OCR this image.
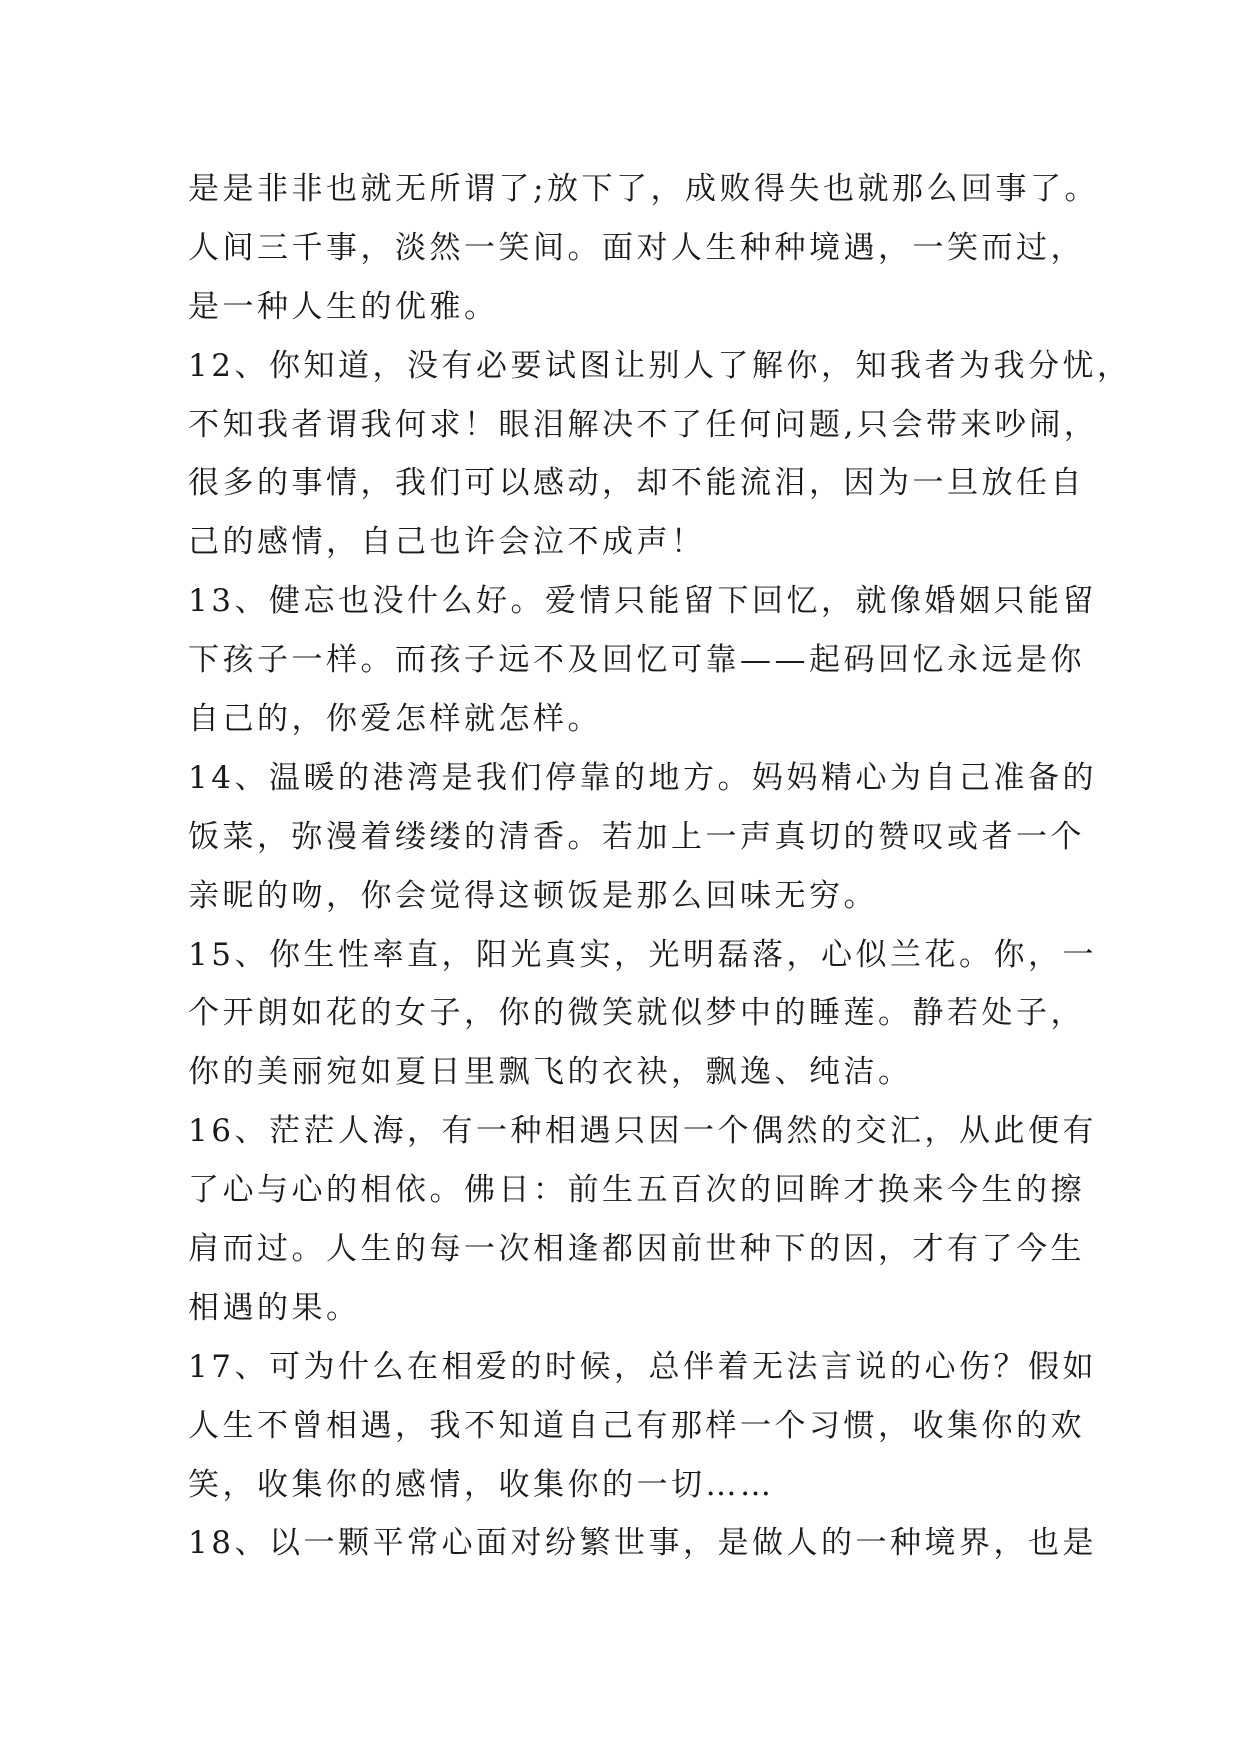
是是非非也就无所谓了;放下了，成败得失也就那么回事了。
人间三千事，淡然一笑间。面对人生种种境遇，一笑而过，
是一种人生的优雅。
12、你知道，没有必要试图让别人了解你，知我者为我分忧，
不知我者谓我何求！眼泪解决不了任何问题,只会带来吵闹，
很多的事情，我们可以感动，却不能流泪，因为一旦放任自
己的感情，自己也许会泣不成声！
13、健忘也没什么好。爱情只能留下回忆，就像婚姻只能留
下孩子一样。而孩子远不及回忆可靠——起码回忆永远是你
自己的，你爱怎样就怎样。
14、温暖的港湾是我们停靠的地方。妈妈精心为自己准备的
饭菜，弥漫着缕缕的清香。若加上一声真切的赞叹或者一个
亲昵的吻，你会觉得这顿饭是那么回味无穷。
15、你生性率直，阳光真实，光明磊落，心似兰花。你，一
个开朗如花的女子，你的微笑就似梦中的睡莲。静若处子，
你的美丽宛如夏日里飘飞的衣袂，飘逸、纯洁。
16、茫茫人海，有一种相遇只因一个偶然的交汇，从此便有
了心与心的相依。佛日：前生五百次的回眸才换来今生的擦
肩而过。人生的每一次相逢都因前世种下的因，才有了今生
相遇的果。
17、可为什么在相爱的时候，总伴着无法言说的心伤？假如
人生不曾相遇，我不知道自己有那样一个习惯，收集你的欢
笑，收集你的感情，收集你的一切……
18、以一颗平常心面对纷繁世事，是做人的一种境界，也是
